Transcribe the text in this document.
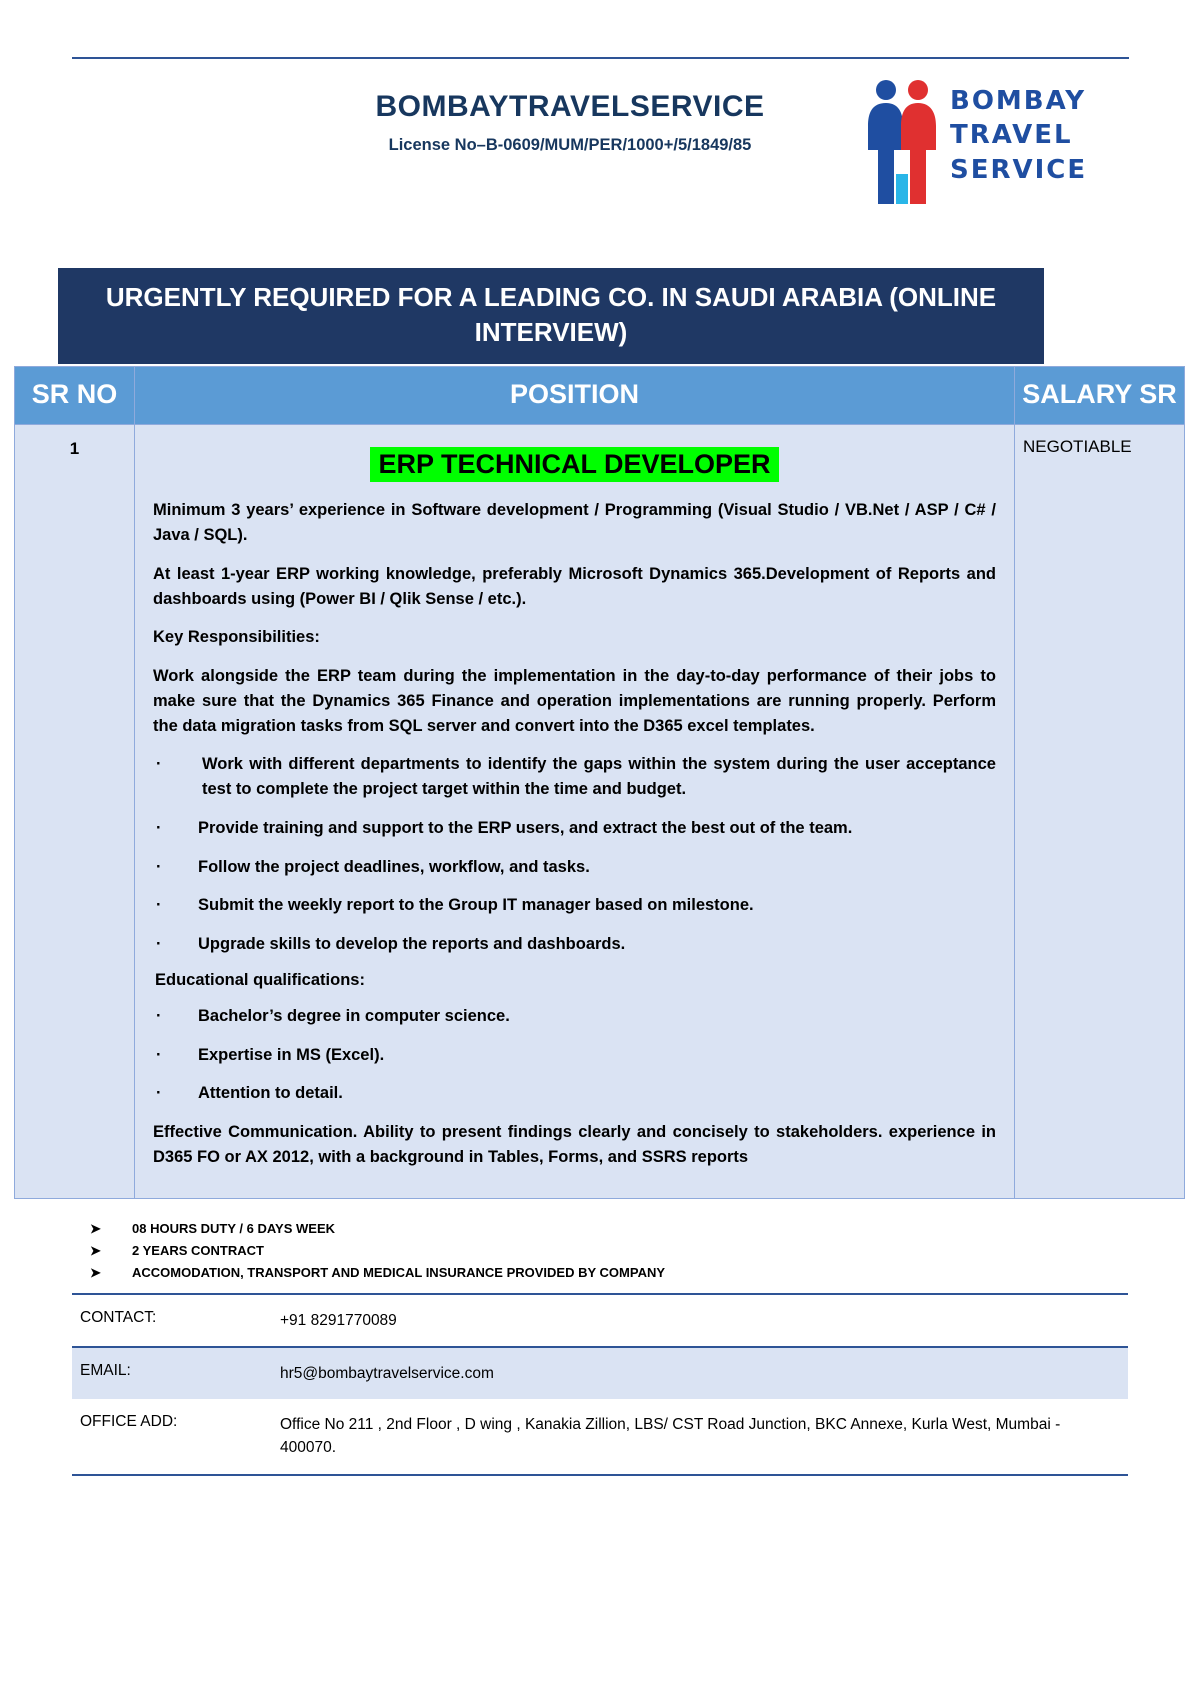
BOMBAYTRAVELSERVICE
License No–B-0609/MUM/PER/1000+/5/1849/85
BOMBAY
TRAVEL
SERVICE
URGENTLY REQUIRED FOR A LEADING CO. IN SAUDI ARABIA (ONLINE INTERVIEW)
SR NO	POSITION	SALARY SR
1	
ERP TECHNICAL DEVELOPER

Minimum 3 years’ experience in Software development / Programming (Visual Studio / VB.Net / ASP / C# / Java / SQL).

At least 1-year ERP working knowledge, preferably Microsoft Dynamics 365.Development of Reports and dashboards using (Power BI / Qlik Sense / etc.).

Key Responsibilities:

Work alongside the ERP team during the implementation in the day-to-day performance of their jobs to make sure that the Dynamics 365 Finance and operation implementations are running properly. Perform the data migration tasks from SQL server and convert into the D365 excel templates.

·	Work with different departments to identify the gaps within the system during the user acceptance test to complete the project target within the time and budget.
·	Provide training and support to the ERP users, and extract the best out of the team.
·	Follow the project deadlines, workflow, and tasks.
·	Submit the weekly report to the Group IT manager based on milestone.
·	Upgrade skills to develop the reports and dashboards.
Educational qualifications:
·	Bachelor’s degree in computer science.
·	Expertise in MS (Excel).
·	Attention to detail.

Effective Communication. Ability to present findings clearly and concisely to stakeholders. experience in D365 FO or AX 2012, with a background in Tables, Forms, and SSRS reports

	NEGOTIABLE
➤	08 HOURS DUTY / 6 DAYS WEEK
➤	2 YEARS CONTRACT
➤	ACCOMODATION, TRANSPORT AND MEDICAL INSURANCE PROVIDED BY COMPANY
CONTACT:	+91 8291770089
EMAIL:	hr5@bombaytravelservice.com
OFFICE ADD:	Office No 211 , 2nd Floor , D wing , Kanakia Zillion, LBS/ CST Road Junction, BKC Annexe, Kurla West, Mumbai - 400070.
